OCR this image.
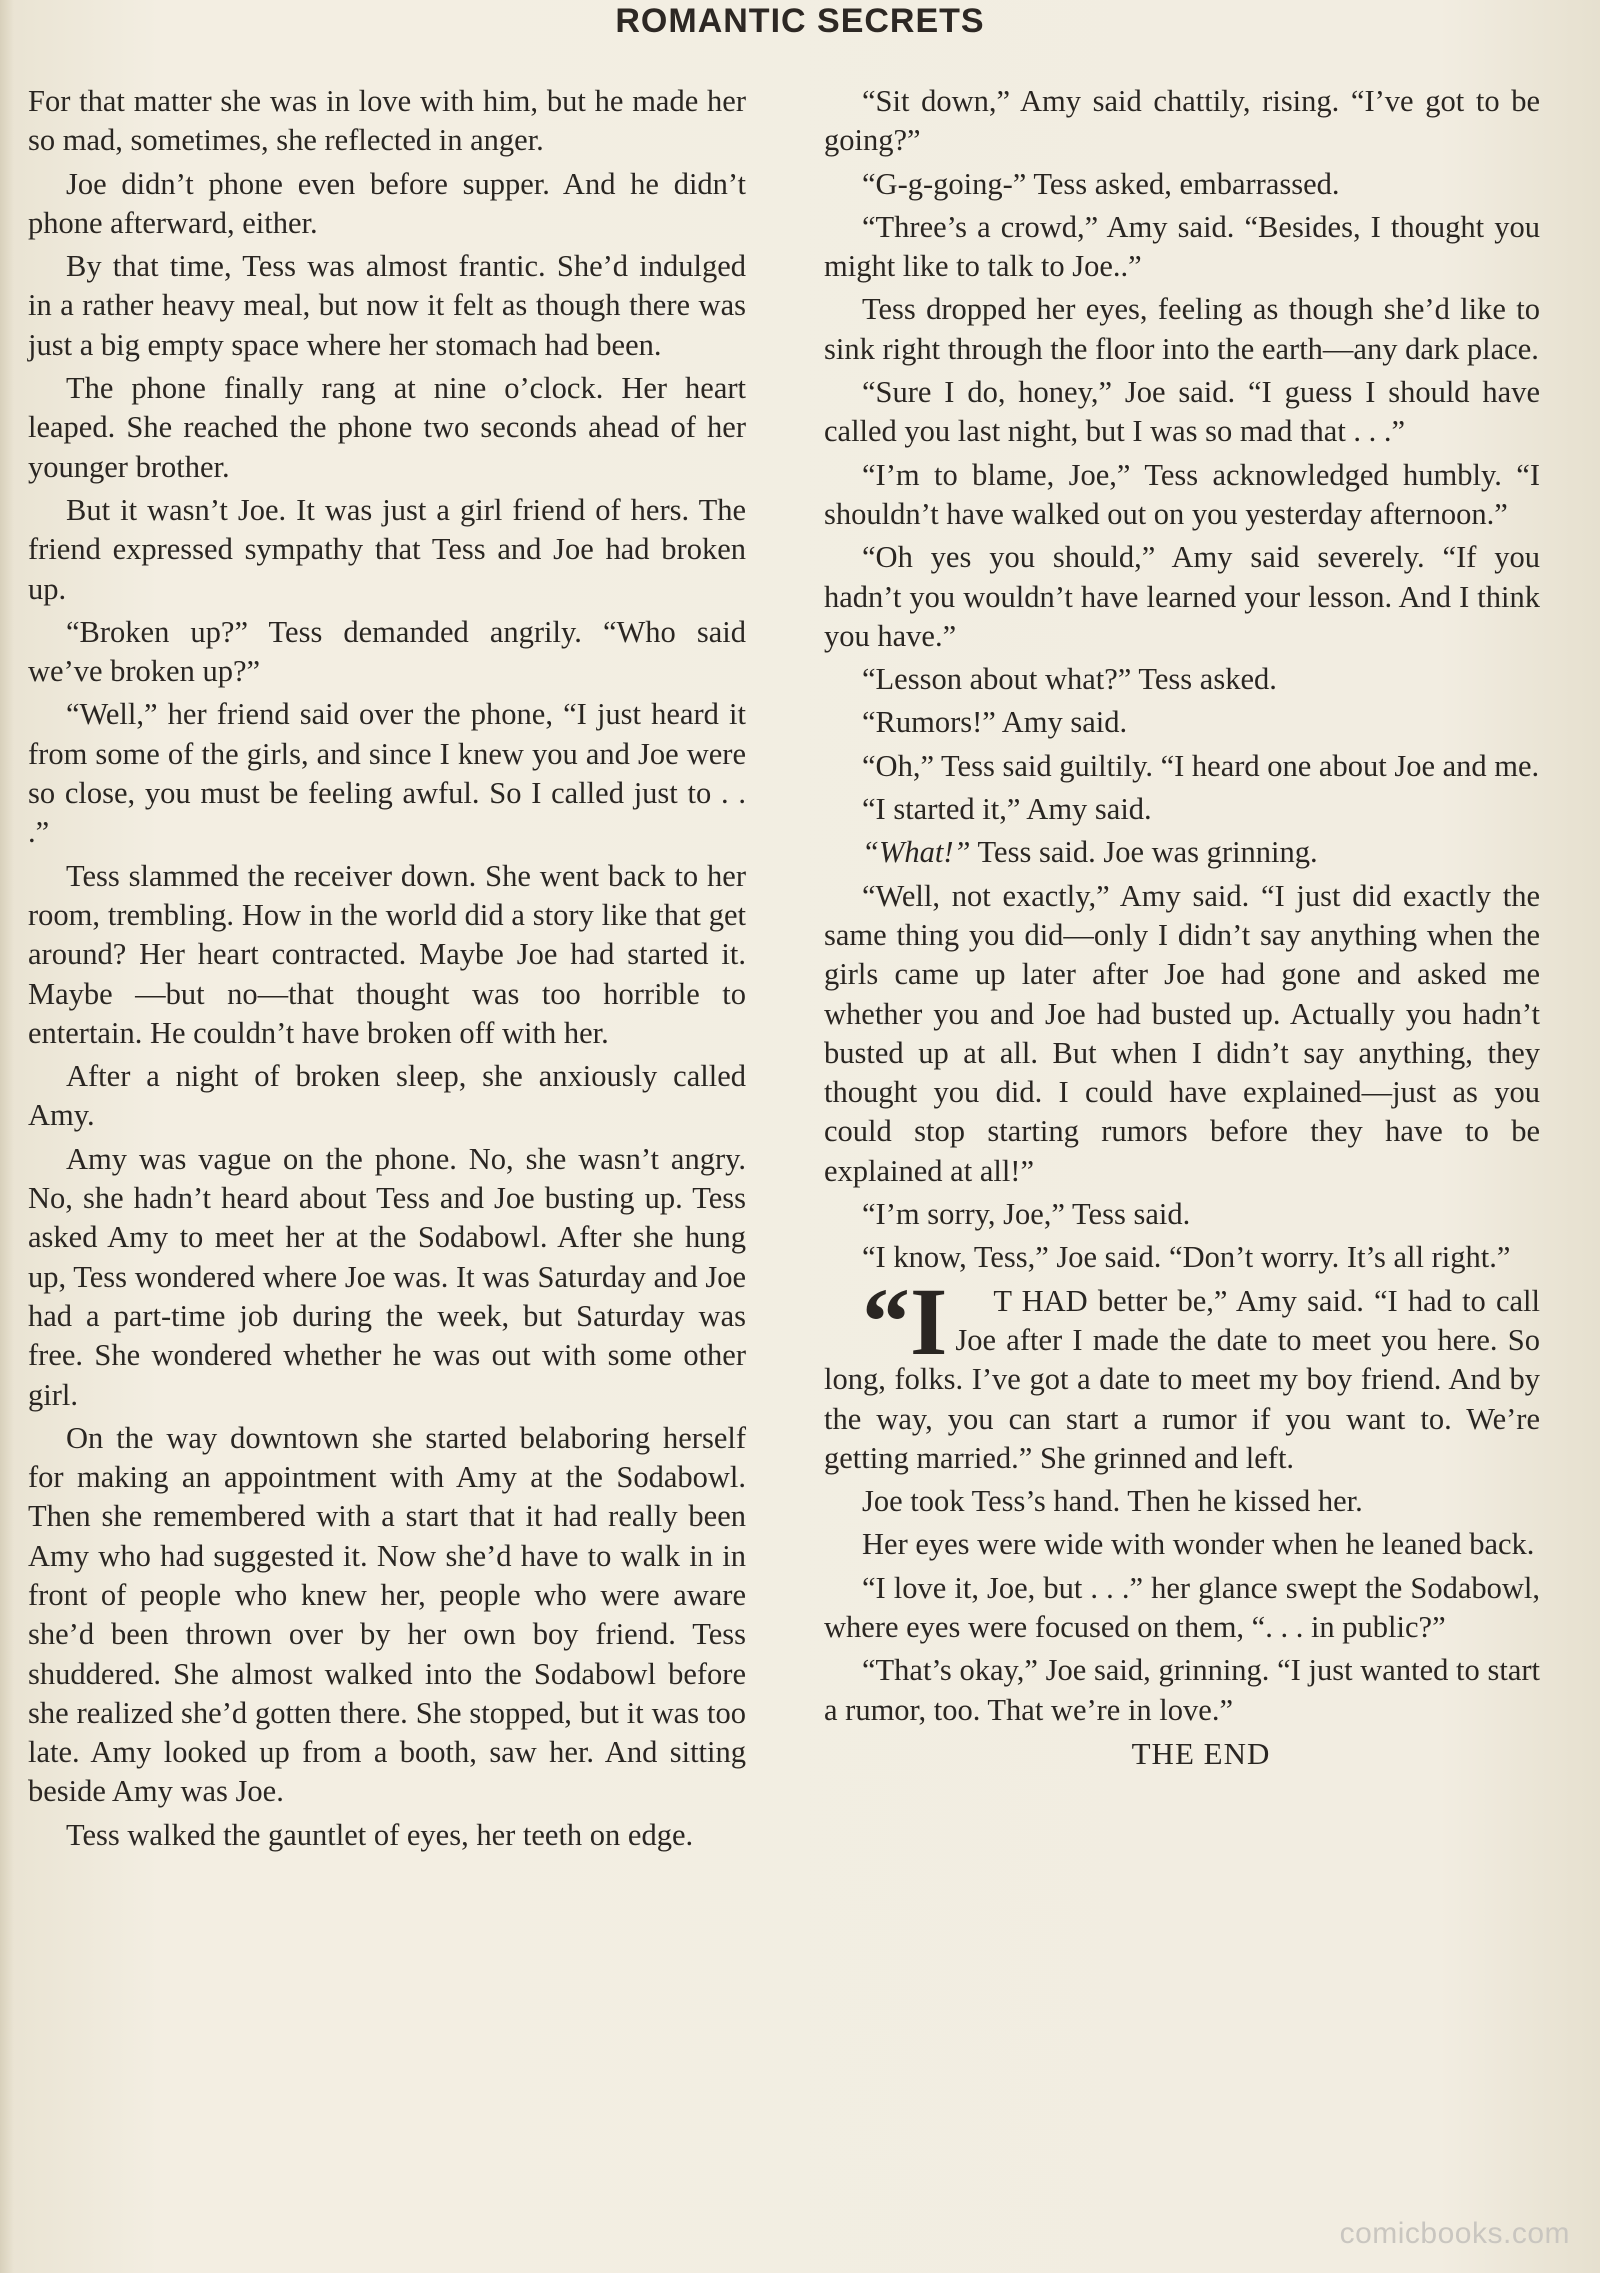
ROMANTIC SECRETS

For that matter she was in love with him, but he made her so mad, sometimes, she reflected in anger.

Joe didn’t phone even before supper. And he didn’t phone afterward, either.

By that time, Tess was almost frantic. She’d indulged in a rather heavy meal, but now it felt as though there was just a big empty space where her stomach had been.

The phone finally rang at nine o’clock. Her heart leaped. She reached the phone two seconds ahead of her younger brother.

But it wasn’t Joe. It was just a girl friend of hers. The friend expressed sympathy that Tess and Joe had broken up.

“Broken up?” Tess demanded angrily. “Who said we’ve broken up?”

“Well,” her friend said over the phone, “I just heard it from some of the girls, and since I knew you and Joe were so close, you must be feeling awful. So I called just to . . .”

Tess slammed the receiver down. She went back to her room, trembling. How in the world did a story like that get around? Her heart contracted. Maybe Joe had started it. Maybe —but no—that thought was too horrible to entertain. He couldn’t have broken off with her.

After a night of broken sleep, she anxiously called Amy.

Amy was vague on the phone. No, she wasn’t angry. No, she hadn’t heard about Tess and Joe busting up. Tess asked Amy to meet her at the Sodabowl. After she hung up, Tess wondered where Joe was. It was Saturday and Joe had a part-time job during the week, but Saturday was free. She wondered whether he was out with some other girl.

On the way downtown she started belaboring herself for making an appointment with Amy at the Sodabowl. Then she remembered with a start that it had really been Amy who had suggested it. Now she’d have to walk in in front of people who knew her, people who were aware she’d been thrown over by her own boy friend. Tess shuddered. She almost walked into the Sodabowl before she realized she’d gotten there. She stopped, but it was too late. Amy looked up from a booth, saw her. And sitting beside Amy was Joe.

Tess walked the gauntlet of eyes, her teeth on edge.

“Sit down,” Amy said chattily, rising. “I’ve got to be going?”

“G-g-going-” Tess asked, embarrassed.

“Three’s a crowd,” Amy said. “Besides, I thought you might like to talk to Joe..”

Tess dropped her eyes, feeling as though she’d like to sink right through the floor into the earth—any dark place.

“Sure I do, honey,” Joe said. “I guess I should have called you last night, but I was so mad that . . .”

“I’m to blame, Joe,” Tess acknowledged humbly. “I shouldn’t have walked out on you yesterday afternoon.”

“Oh yes you should,” Amy said severely. “If you hadn’t you wouldn’t have learned your lesson. And I think you have.”

“Lesson about what?” Tess asked.

“Rumors!” Amy said.

“Oh,” Tess said guiltily. “I heard one about Joe and me.

“I started it,” Amy said.

“What!” Tess said. Joe was grinning.

“Well, not exactly,” Amy said. “I just did exactly the same thing you did—only I didn’t say anything when the girls came up later after Joe had gone and asked me whether you and Joe had busted up. Actually you hadn’t busted up at all. But when I didn’t say anything, they thought you did. I could have explained—just as you could stop starting rumors before they have to be explained at all!”

“I’m sorry, Joe,” Tess said.

“I know, Tess,” Joe said. “Don’t worry. It’s all right.”

“I T HAD better be,” Amy said. “I had to call Joe after I made the date to meet you here. So long, folks. I’ve got a date to meet my boy friend. And by the way, you can start a rumor if you want to. We’re getting married.” She grinned and left.

Joe took Tess’s hand. Then he kissed her.

Her eyes were wide with wonder when he leaned back.

“I love it, Joe, but . . .” her glance swept the Sodabowl, where eyes were focused on them, “. . . in public?”

“That’s okay,” Joe said, grinning. “I just wanted to start a rumor, too. That we’re in love.”

THE END

comicbooks.com
